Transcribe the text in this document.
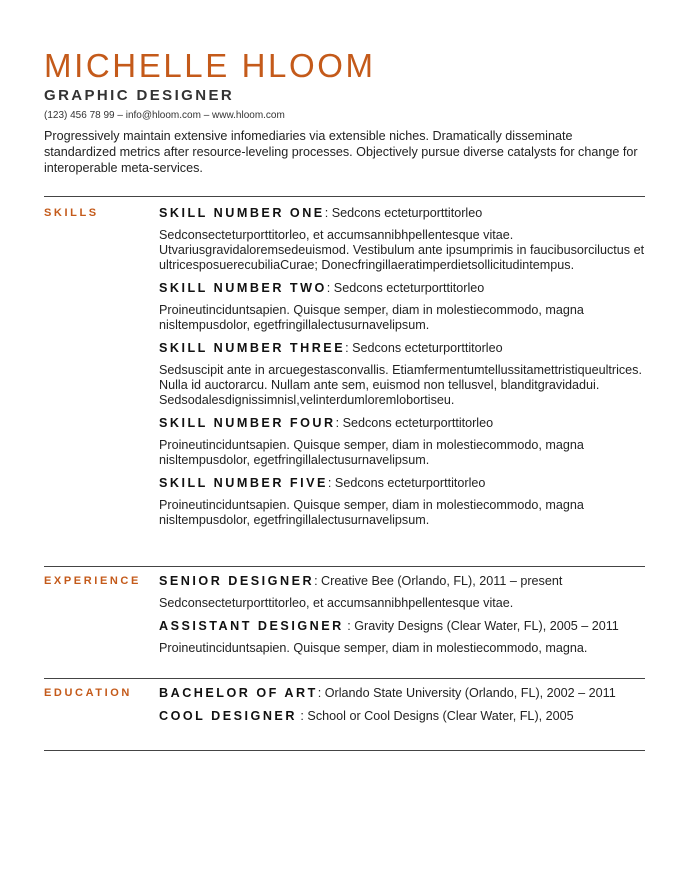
MICHELLE HLOOM
GRAPHIC DESIGNER
(123) 456 78 99 – info@hloom.com – www.hloom.com

Progressively maintain extensive infomediaries via extensible niches. Dramatically disseminate standardized metrics after resource-leveling processes. Objectively pursue diverse catalysts for change for interoperable meta-services.

SKILLS	SKILL NUMBER ONE: Sedcons ecteturporttitorleo

Sedconsecteturporttitorleo, et accumsannibhpellentesque vitae. Utvariusgravidaloremsedeuismod. Vestibulum ante ipsumprimis in faucibusorciluctus et ultricesposuerecubiliaCurae; Donecfringillaeratimperdietsollicitudintempus.

SKILL NUMBER TWO: Sedcons ecteturporttitorleo

Proineutinciduntsapien. Quisque semper, diam in molestiecommodo, magna nisltempusdolor, egetfringillalectusurnavelipsum.

SKILL NUMBER THREE: Sedcons ecteturporttitorleo

Sedsuscipit ante in arcuegestasconvallis. Etiamfermentumtellussitamettristiqueultrices. Nulla id auctorarcu. Nullam ante sem, euismod non tellusvel, blanditgravidadui. Sedsodalesdignissimnisl,velinterdumloremlobortiseu.

SKILL NUMBER FOUR: Sedcons ecteturporttitorleo

Proineutinciduntsapien. Quisque semper, diam in molestiecommodo, magna nisltempusdolor, egetfringillalectusurnavelipsum.

SKILL NUMBER FIVE: Sedcons ecteturporttitorleo

Proineutinciduntsapien. Quisque semper, diam in molestiecommodo, magna nisltempusdolor, egetfringillalectusurnavelipsum.

EXPERIENCE SENIOR DESIGNER: Creative Bee (Orlando, FL), 2011 – present

Sedconsecteturporttitorleo, et accumsannibhpellentesque vitae.

ASSISTANT DESIGNER : Gravity Designs (Clear Water, FL), 2005 – 2011

Proineutinciduntsapien. Quisque semper, diam in molestiecommodo, magna.

EDUCATION BACHELOR OF ART: Orlando State University (Orlando, FL), 2002 – 2011

COOL DESIGNER : School or Cool Designs (Clear Water, FL), 2005
